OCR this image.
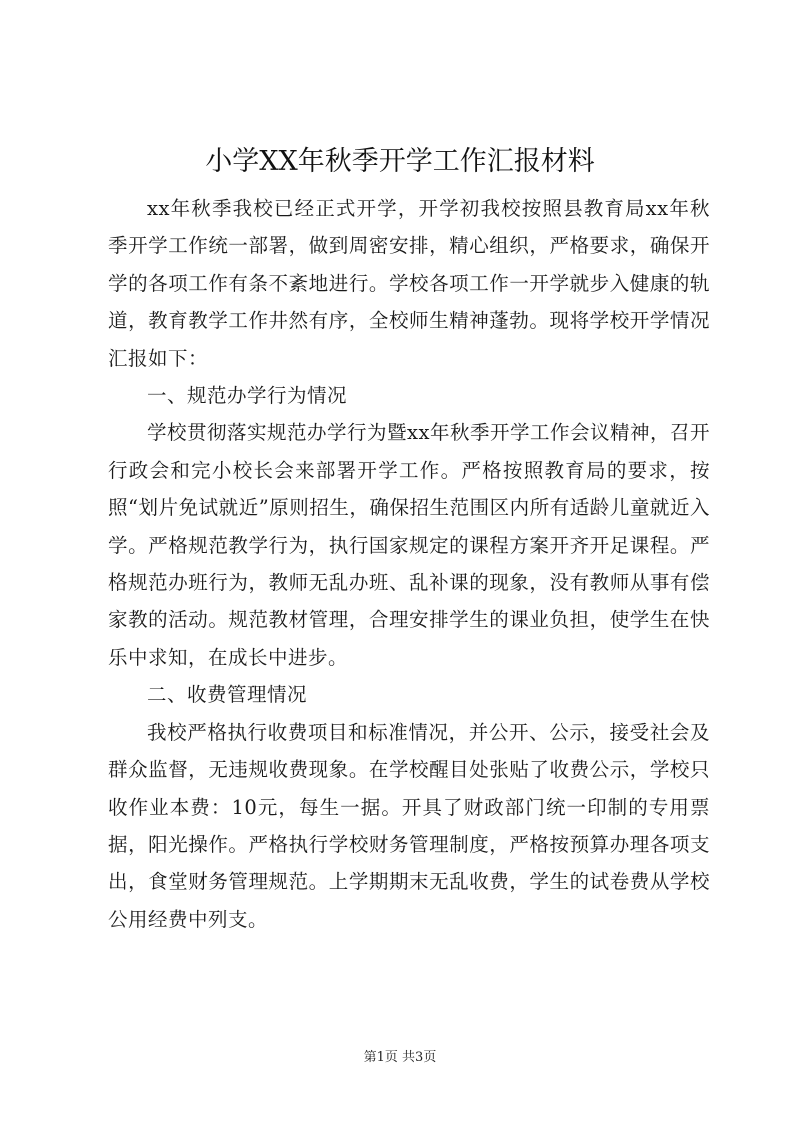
小学XX年秋季开学工作汇报材料

xx年秋季我校已经正式开学，开学初我校按照县教育局xx年秋季开学工作统一部署，做到周密安排，精心组织，严格要求，确保开学的各项工作有条不紊地进行。学校各项工作一开学就步入健康的轨道，教育教学工作井然有序，全校师生精神蓬勃。现将学校开学情况汇报如下：

一、规范办学行为情况

学校贯彻落实规范办学行为暨xx年秋季开学工作会议精神，召开行政会和完小校长会来部署开学工作。严格按照教育局的要求，按照“划片免试就近”原则招生，确保招生范围区内所有适龄儿童就近入学。严格规范教学行为，执行国家规定的课程方案开齐开足课程。严格规范办班行为，教师无乱办班、乱补课的现象，没有教师从事有偿家教的活动。规范教材管理，合理安排学生的课业负担，使学生在快乐中求知，在成长中进步。

二、收费管理情况

我校严格执行收费项目和标准情况，并公开、公示，接受社会及群众监督，无违规收费现象。在学校醒目处张贴了收费公示，学校只收作业本费：10元，每生一据。开具了财政部门统一印制的专用票据，阳光操作。严格执行学校财务管理制度，严格按预算办理各项支出，食堂财务管理规范。上学期期末无乱收费，学生的试卷费从学校公用经费中列支。

第1页 共3页
